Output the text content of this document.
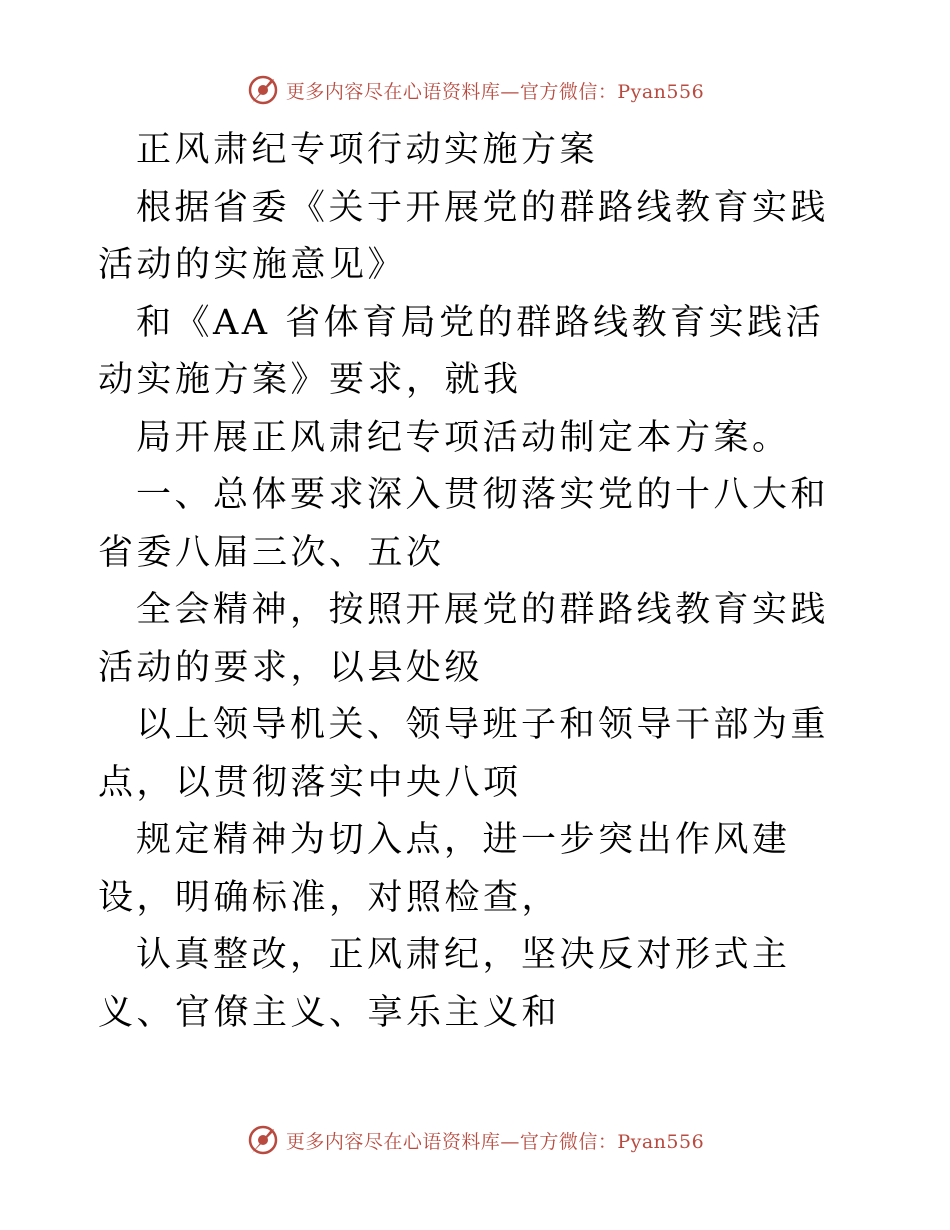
更多内容尽在心语资料库—官方微信：Pyan556

正风肃纪专项行动实施方案

根据省委《关于开展党的群路线教育实践活动的实施意见》

和《AA 省体育局党的群路线教育实践活动实施方案》要求，就我

局开展正风肃纪专项活动制定本方案。

一、总体要求深入贯彻落实党的十八大和省委八届三次、五次

全会精神，按照开展党的群路线教育实践活动的要求，以县处级

以上领导机关、领导班子和领导干部为重点，以贯彻落实中央八项

规定精神为切入点，进一步突出作风建设，明确标准，对照检查，

认真整改，正风肃纪，坚决反对形式主义、官僚主义、享乐主义和

更多内容尽在心语资料库—官方微信：Pyan556
